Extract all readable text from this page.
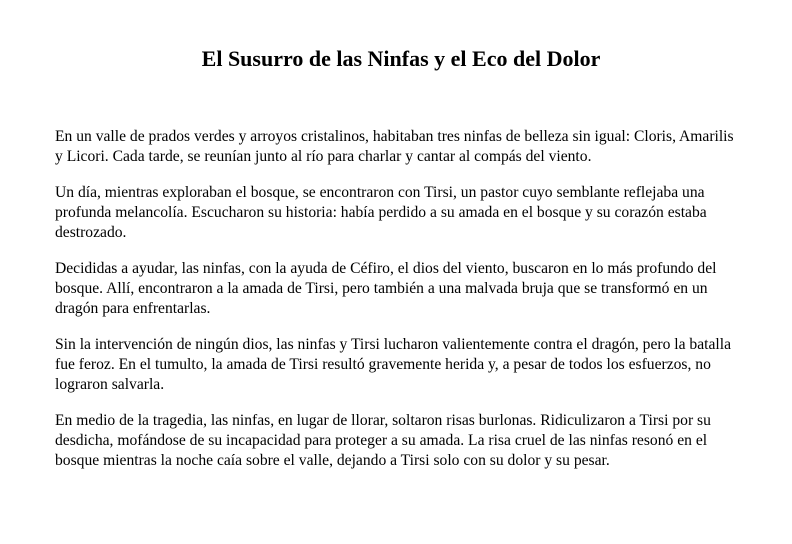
El Susurro de las Ninfas y el Eco del Dolor

En un valle de prados verdes y arroyos cristalinos, habitaban tres ninfas de belleza sin igual: Cloris, Amarilis y Licori. Cada tarde, se reunían junto al río para charlar y cantar al compás del viento.

Un día, mientras exploraban el bosque, se encontraron con Tirsi, un pastor cuyo semblante reflejaba una profunda melancolía. Escucharon su historia: había perdido a su amada en el bosque y su corazón estaba destrozado.

Decididas a ayudar, las ninfas, con la ayuda de Céfiro, el dios del viento, buscaron en lo más profundo del bosque. Allí, encontraron a la amada de Tirsi, pero también a una malvada bruja que se transformó en un dragón para enfrentarlas.

Sin la intervención de ningún dios, las ninfas y Tirsi lucharon valientemente contra el dragón, pero la batalla fue feroz. En el tumulto, la amada de Tirsi resultó gravemente herida y, a pesar de todos los esfuerzos, no lograron salvarla.

En medio de la tragedia, las ninfas, en lugar de llorar, soltaron risas burlonas. Ridiculizaron a Tirsi por su desdicha, mofándose de su incapacidad para proteger a su amada. La risa cruel de las ninfas resonó en el bosque mientras la noche caía sobre el valle, dejando a Tirsi solo con su dolor y su pesar.
